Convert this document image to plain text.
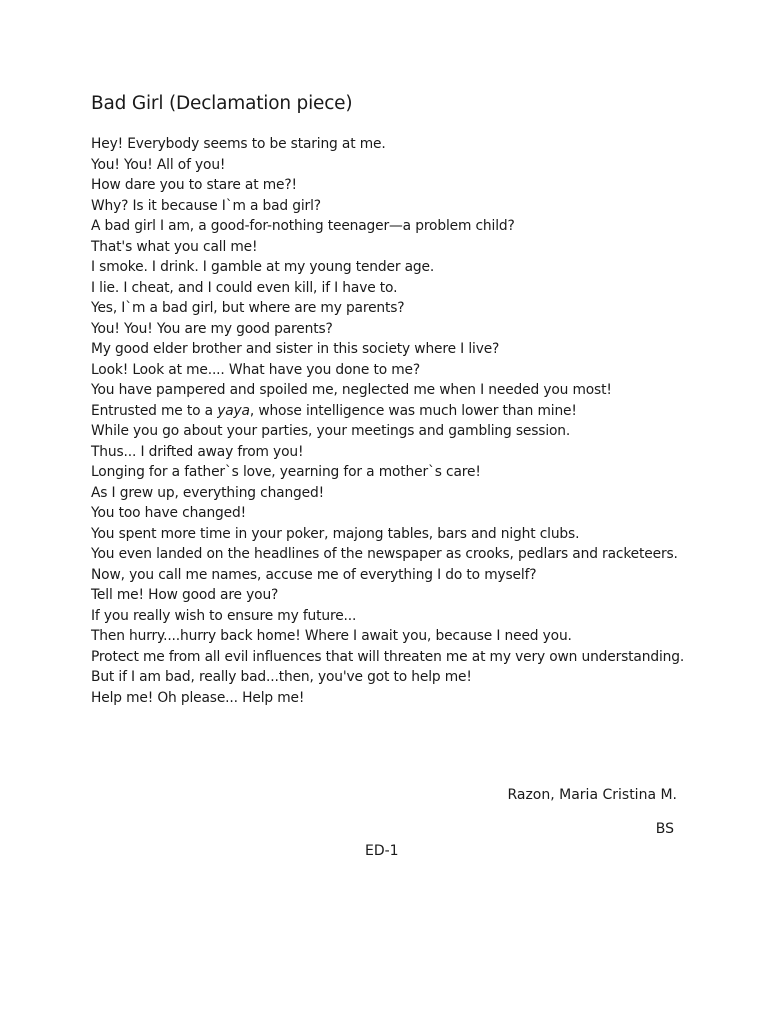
Bad Girl (Declamation piece)
Hey! Everybody seems to be staring at me.
You! You! All of you!
How dare you to stare at me?!
Why? Is it because I`m a bad girl?
A bad girl I am, a good-for-nothing teenager—a problem child?
That's what you call me!
I smoke. I drink. I gamble at my young tender age.
I lie. I cheat, and I could even kill, if I have to.
Yes, I`m a bad girl, but where are my parents?
You! You! You are my good parents?
My good elder brother and sister in this society where I live?
Look! Look at me.... What have you done to me?
You have pampered and spoiled me, neglected me when I needed you most!
Entrusted me to a yaya, whose intelligence was much lower than mine!
While you go about your parties, your meetings and gambling session.
Thus... I drifted away from you!
Longing for a father`s love, yearning for a mother`s care!
As I grew up, everything changed!
You too have changed!
You spent more time in your poker, majong tables, bars and night clubs.
You even landed on the headlines of the newspaper as crooks, pedlars and racketeers.
Now, you call me names, accuse me of everything I do to myself?
Tell me! How good are you?
If you really wish to ensure my future...
Then hurry....hurry back home! Where I await you, because I need you.
Protect me from all evil influences that will threaten me at my very own understanding.
But if I am bad, really bad...then, you've got to help me!
Help me! Oh please... Help me!
Razon, Maria Cristina M.
BS
ED-1
